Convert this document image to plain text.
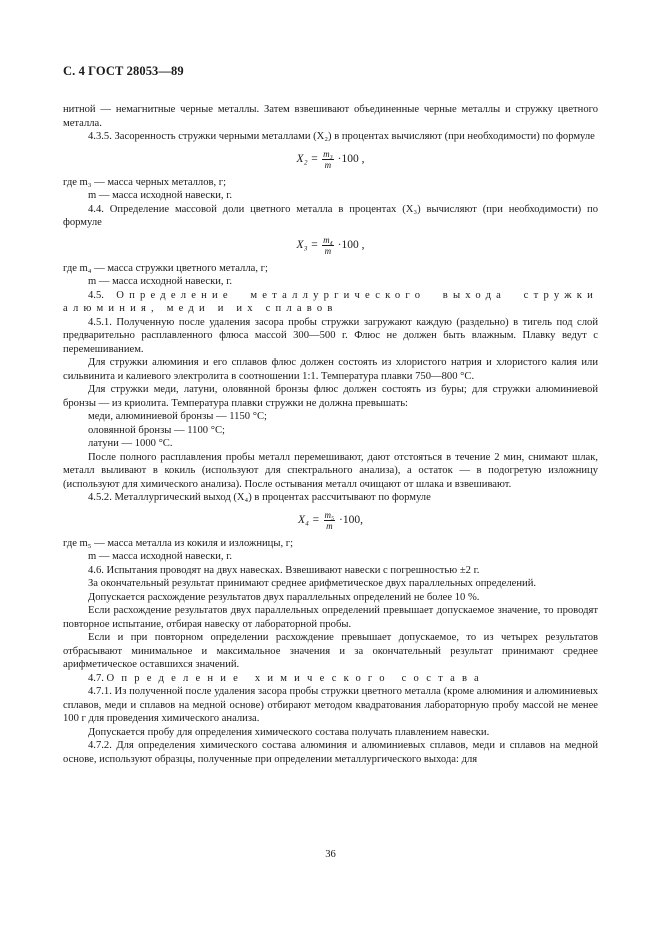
С. 4 ГОСТ 28053—89

нитной — немагнитные черные металлы. Затем взвешивают объединенные черные металлы и стружку цветного металла.

4.3.5. Засоренность стружки черными металлами (X₂) в процентах вычисляют (при необходимости) по формуле

$X_2 = \frac{\text{m₃}}{m} \cdot 100$ ,

где m₃ — масса черных металлов, г;

m — масса исходной навески, г.

4.4. Определение массовой доли цветного металла в процентах (X₃) вычисляют (при необходимости) по формуле

$X_3 = \frac{\text{m₄}}{m} \cdot 100$ ,

где m₄ — масса стружки цветного металла, г;

m — масса исходной навески, г.

4.5. Определение металлургического выхода стружки алюминия, меди и их сплавов

4.5.1. Полученную после удаления засора пробы стружки загружают каждую (раздельно) в тигель под слой предварительно расплавленного флюса массой 300—500 г. Флюс не должен быть влажным. Плавку ведут с перемешиванием.

Для стружки алюминия и его сплавов флюс должен состоять из хлористого натрия и хлористого калия или сильвинита и калиевого электролита в соотношении 1:1. Температура плавки 750—800 °С.

Для стружки меди, латуни, оловянной бронзы флюс должен состоять из буры; для стружки алюминиевой бронзы — из криолита. Температура плавки стружки не должна превышать:

меди, алюминиевой бронзы — 1150 °С;

оловянной бронзы — 1100 °С;

латуни — 1000 °С.

После полного расплавления пробы металл перемешивают, дают отстояться в течение 2 мин, снимают шлак, металл выливают в кокиль (используют для спектрального анализа), а остаток — в подогретую изложницу (используют для химического анализа). После остывания металл очищают от шлака и взвешивают.

4.5.2. Металлургический выход (X₄) в процентах рассчитывают по формуле

$X_4 = \frac{\text{m₅}}{m} \cdot 100$,

где m₅ — масса металла из кокиля и изложницы, г;

m — масса исходной навески, г.

4.6. Испытания проводят на двух навесках. Взвешивают навески с погрешностью ±2 г.

За окончательный результат принимают среднее арифметическое двух параллельных определений.

Допускается расхождение результатов двух параллельных определений не более 10 %.

Если расхождение результатов двух параллельных определений превышает допускаемое значение, то проводят повторное испытание, отбирая навеску от лабораторной пробы.

Если и при повторном определении расхождение превышает допускаемое, то из четырех результатов отбрасывают минимальное и максимальное значения и за окончательный результат принимают среднее арифметическое оставшихся значений.

4.7. Определение химического состава

4.7.1. Из полученной после удаления засора пробы стружки цветного металла (кроме алюминия и алюминиевых сплавов, меди и сплавов на медной основе) отбирают методом квадратования лабораторную пробу массой не менее 100 г для проведения химического анализа.

Допускается пробу для определения химического состава получать плавлением навески.

4.7.2. Для определения химического состава алюминия и алюминиевых сплавов, меди и сплавов на медной основе, используют образцы, полученные при определении металлургического выхода: для

36
